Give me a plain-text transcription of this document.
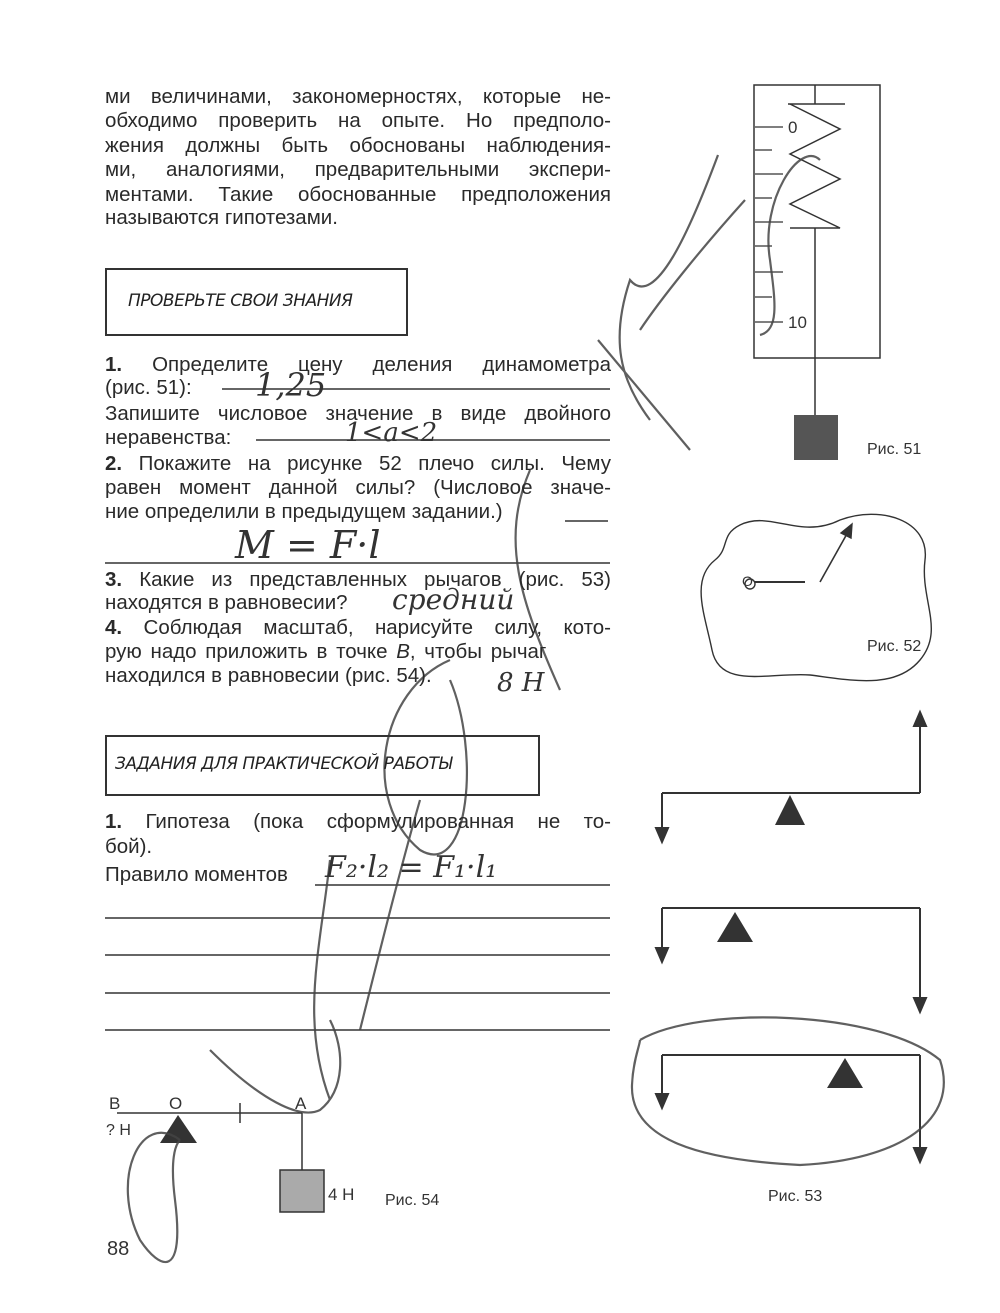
ми величинами, закономерностях, которые не-
обходимо проверить на опыте. Но предполо-
жения должны быть обоснованы наблюдения-
ми, аналогиями, предварительными экспери-
ментами. Такие обоснованные предположения
называются гипотезами.
ПРОВЕРЬТЕ СВОИ ЗНАНИЯ
1. Определите цену деления динамометра
(рис. 51):
Запишите числовое значение в виде двойного
неравенства:
2. Покажите на рисунке 52 плечо силы. Чему
равен момент данной силы? (Числовое значе-
ние определили в предыдущем задании.)
3. Какие из представленных рычагов (рис. 53)
находятся в равновесии?
4. Соблюдая масштаб, нарисуйте силу, кото-
рую надо приложить в точке B, чтобы рычаг
находился в равновесии (рис. 54).
1,25
1<a<2
M = F·l
средний
8 Н
ЗАДАНИЯ ДЛЯ ПРАКТИЧЕСКОЙ РАБОТЫ
1. Гипотеза (пока сформулированная не то-
бой).
Правило моментов	F₂·l₂ = F₁·l₁
0
10
Рис. 51
O
Рис. 52
Рис. 53
B	O	A
? Н
4 Н Рис. 54
88
